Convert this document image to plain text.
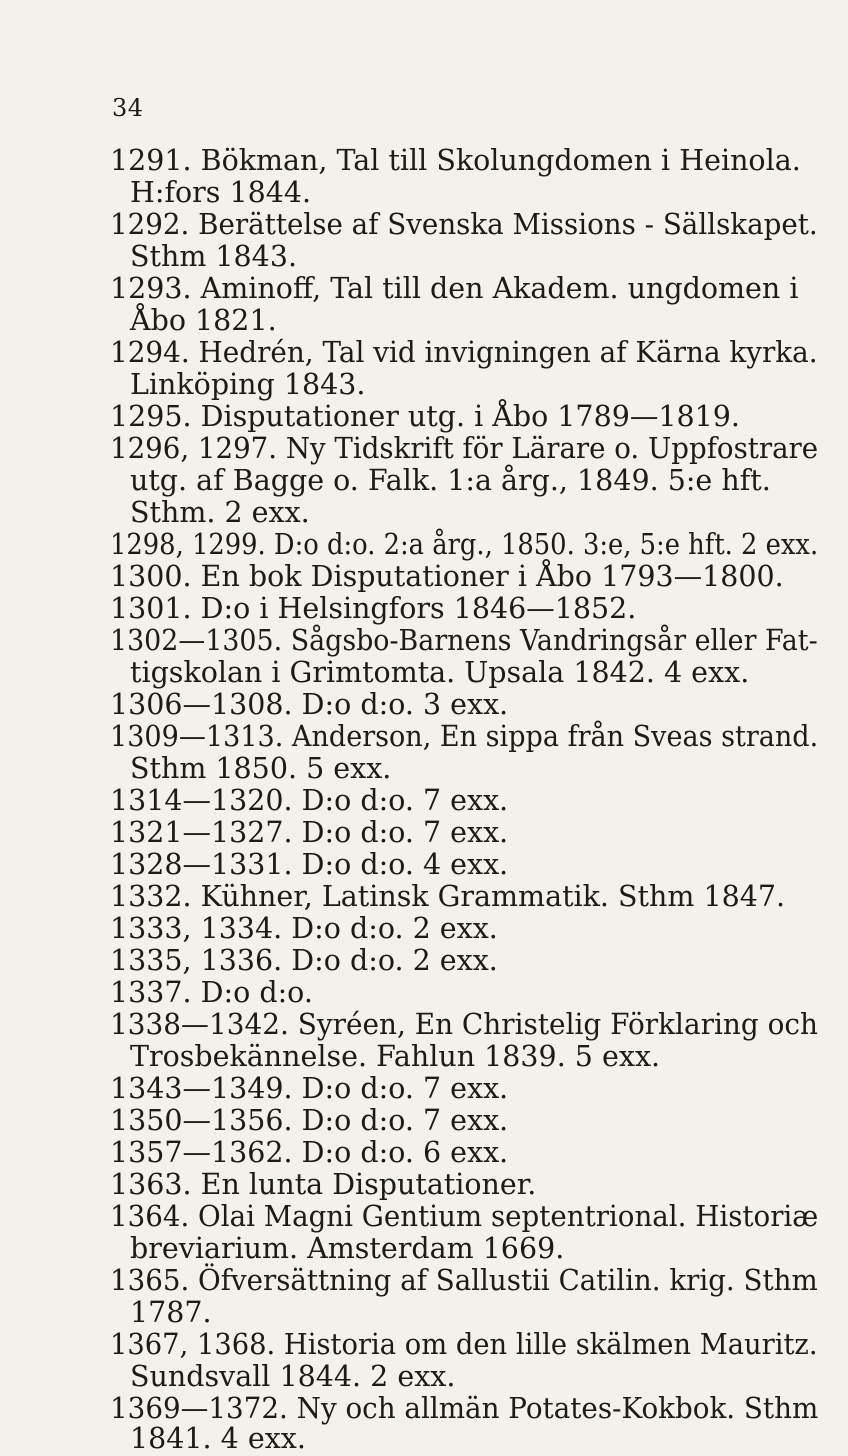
34
1291. Bökman, Tal till Skolungdomen i Heinola.
H:fors 1844.
1292. Berättelse af Svenska Missions - Sällskapet.
Sthm 1843.
1293. Aminoff, Tal till den Akadem. ungdomen i
Åbo 1821.
1294. Hedrén, Tal vid invigningen af Kärna kyrka.
Linköping 1843.
1295. Disputationer utg. i Åbo 1789—1819.
1296, 1297. Ny Tidskrift för Lärare o. Uppfostrare
utg. af Bagge o. Falk. 1:a årg., 1849. 5:e hft.
Sthm. 2 exx.
1298, 1299. D:o d:o. 2:a årg., 1850. 3:e, 5:e hft. 2 exx.
1300. En bok Disputationer i Åbo 1793—1800.
1301. D:o i Helsingfors 1846—1852.
1302—1305. Sågsbo-Barnens Vandringsår eller Fat-
tigskolan i Grimtomta. Upsala 1842. 4 exx.
1306—1308. D:o d:o. 3 exx.
1309—1313. Anderson, En sippa från Sveas strand.
Sthm 1850. 5 exx.
1314—1320. D:o d:o. 7 exx.
1321—1327. D:o d:o. 7 exx.
1328—1331. D:o d:o. 4 exx.
1332. Kühner, Latinsk Grammatik. Sthm 1847.
1333, 1334. D:o d:o. 2 exx.
1335, 1336. D:o d:o. 2 exx.
1337. D:o d:o.
1338—1342. Syréen, En Christelig Förklaring och
Trosbekännelse. Fahlun 1839. 5 exx.
1343—1349. D:o d:o. 7 exx.
1350—1356. D:o d:o. 7 exx.
1357—1362. D:o d:o. 6 exx.
1363. En lunta Disputationer.
1364. Olai Magni Gentium septentrional. Historiæ
breviarium. Amsterdam 1669.
1365. Öfversättning af Sallustii Catilin. krig. Sthm
1787.
1367, 1368. Historia om den lille skälmen Mauritz.
Sundsvall 1844. 2 exx.
1369—1372. Ny och allmän Potates-Kokbok. Sthm
1841. 4 exx.
